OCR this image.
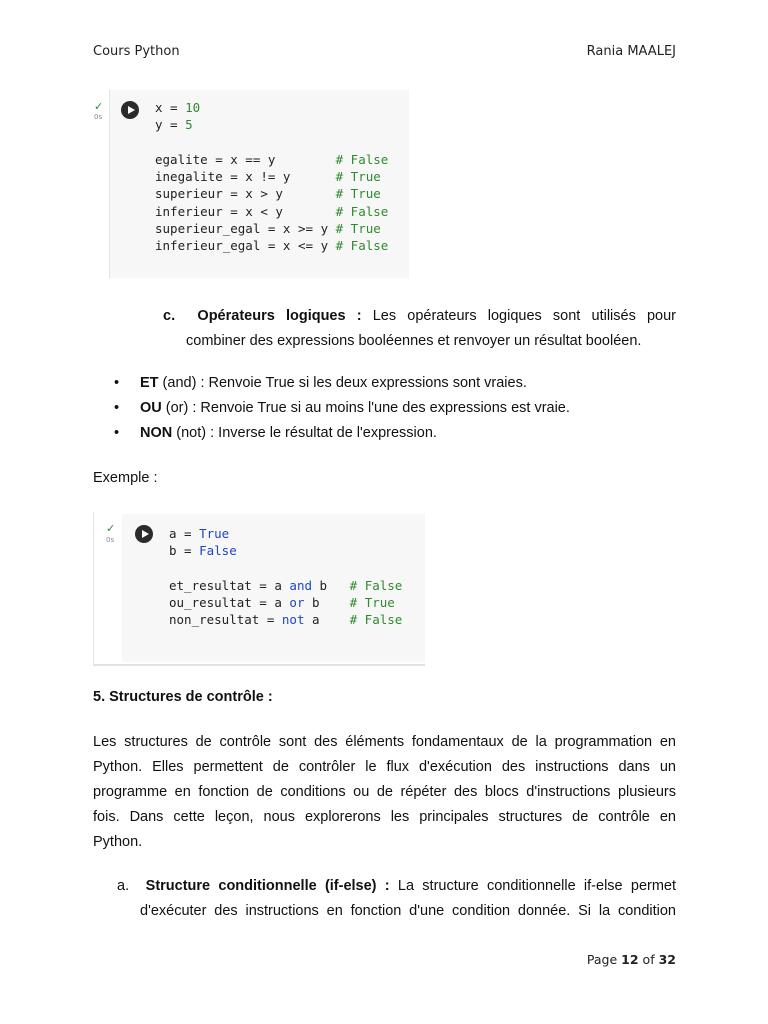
Cours Python	Rania MAALEJ
✓
0s
x = 10
y = 5

egalite = x == y        # False
inegalite = x != y      # True
superieur = x > y       # True
inferieur = x < y       # False
superieur_egal = x >= y # True
inferieur_egal = x <= y # False
c. Opérateurs logiques : Les opérateurs logiques sont utilisés pour
combiner des expressions booléennes et renvoyer un résultat booléen.
• ET (and) : Renvoie True si les deux expressions sont vraies.
• OU (or) : Renvoie True si au moins l'une des expressions est vraie.
• NON (not) : Inverse le résultat de l'expression.
Exemple :
✓
0s	a = True
b = False

et_resultat = a and b   # False
ou_resultat = a or b    # True
non_resultat = not a    # False
5. Structures de contrôle :
Les structures de contrôle sont des éléments fondamentaux de la programmation en
Python. Elles permettent de contrôler le flux d'exécution des instructions dans un
programme en fonction de conditions ou de répéter des blocs d'instructions plusieurs
fois. Dans cette leçon, nous explorerons les principales structures de contrôle en
Python.
a. Structure conditionnelle (if-else) : La structure conditionnelle if-else permet
d'exécuter des instructions en fonction d'une condition donnée. Si la condition
Page 12 of 32
